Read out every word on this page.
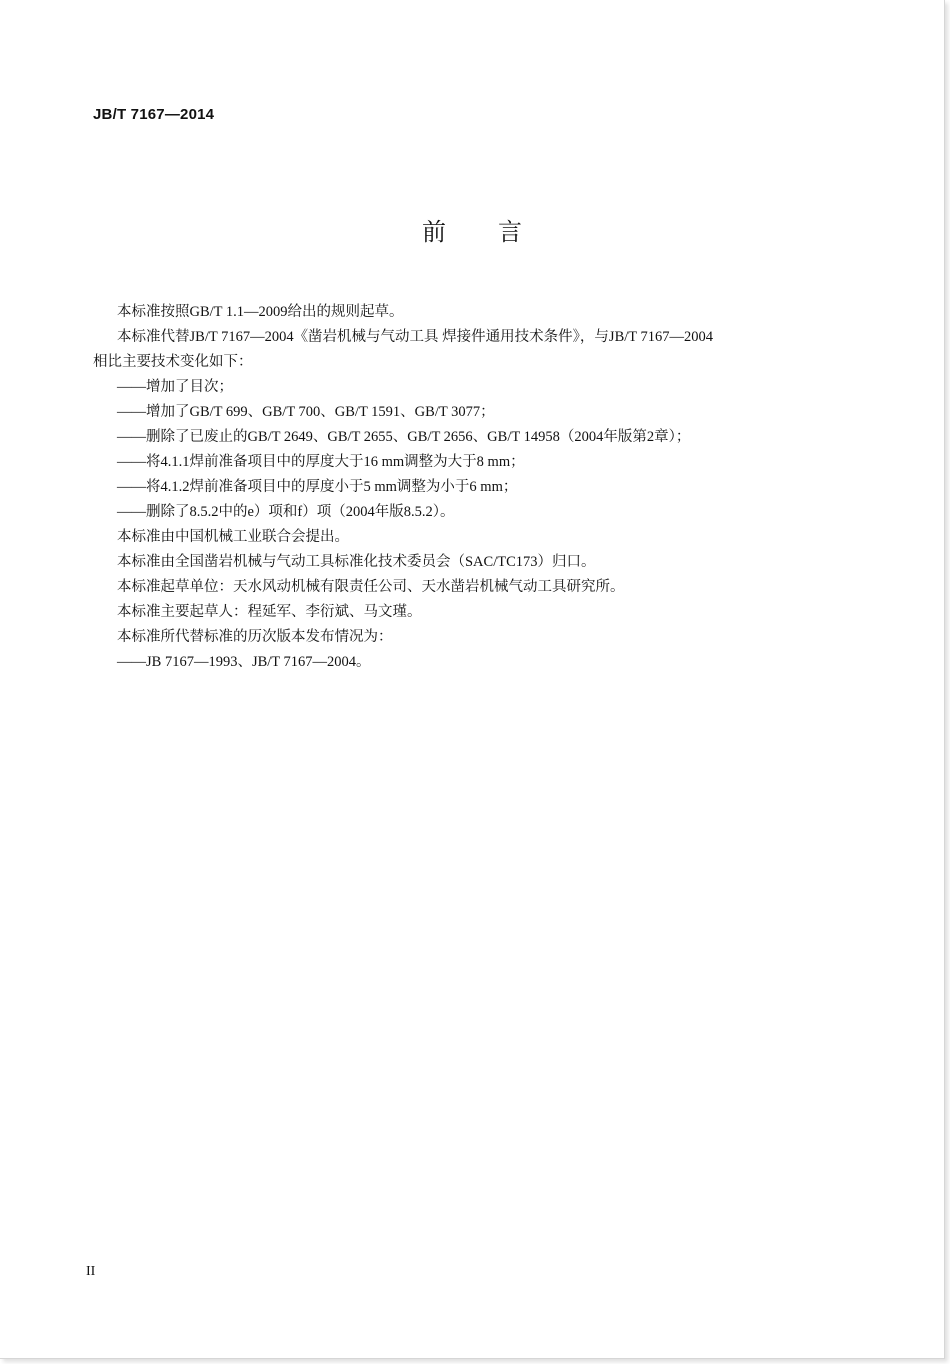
JB/T 7167—2014
前言
本标准按照GB/T 1.1—2009给出的规则起草。
本标准代替JB/T 7167—2004《凿岩机械与气动工具 焊接件通用技术条件》，与JB/T 7167—2004
相比主要技术变化如下：
——增加了目次；
——增加了GB/T 699、GB/T 700、GB/T 1591、GB/T 3077；
——删除了已废止的GB/T 2649、GB/T 2655、GB/T 2656、GB/T 14958（2004年版第2章）；
——将4.1.1焊前准备项目中的厚度大于16 mm调整为大于8 mm；
——将4.1.2焊前准备项目中的厚度小于5 mm调整为小于6 mm；
——删除了8.5.2中的e）项和f）项（2004年版8.5.2）。
本标准由中国机械工业联合会提出。
本标准由全国凿岩机械与气动工具标准化技术委员会（SAC/TC173）归口。
本标准起草单位：天水风动机械有限责任公司、天水凿岩机械气动工具研究所。
本标准主要起草人：程延军、李衍斌、马文瑾。
本标准所代替标准的历次版本发布情况为：
——JB 7167—1993、JB/T 7167—2004。
II
